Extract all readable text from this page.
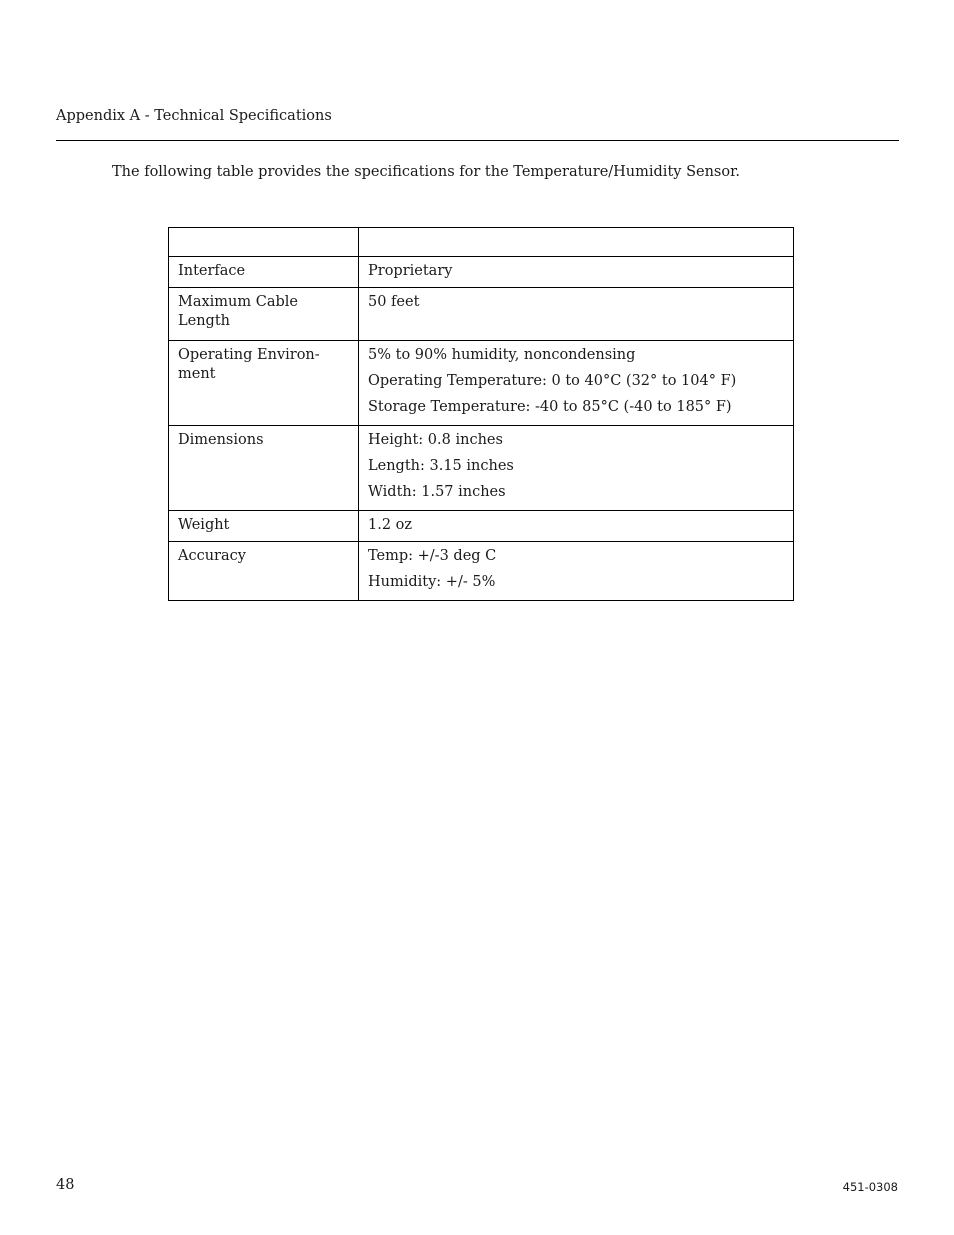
Appendix A - Technical Specifications
The following table provides the specifications for the Temperature/Humidity Sensor.

Interface	Proprietary

Maximum Cable
Length	50 feet

Operating Environ-
ment	5% to 90% humidity, noncondensing
Operating Temperature: 0 to 40°C (32° to 104° F)
Storage Temperature: -40 to 85°C (-40 to 185° F)

Dimensions	Height: 0.8 inches
Length: 3.15 inches
Width: 1.57 inches

Weight	1.2 oz

Accuracy	Temp: +/-3 deg C
Humidity: +/- 5%
48	451-0308
